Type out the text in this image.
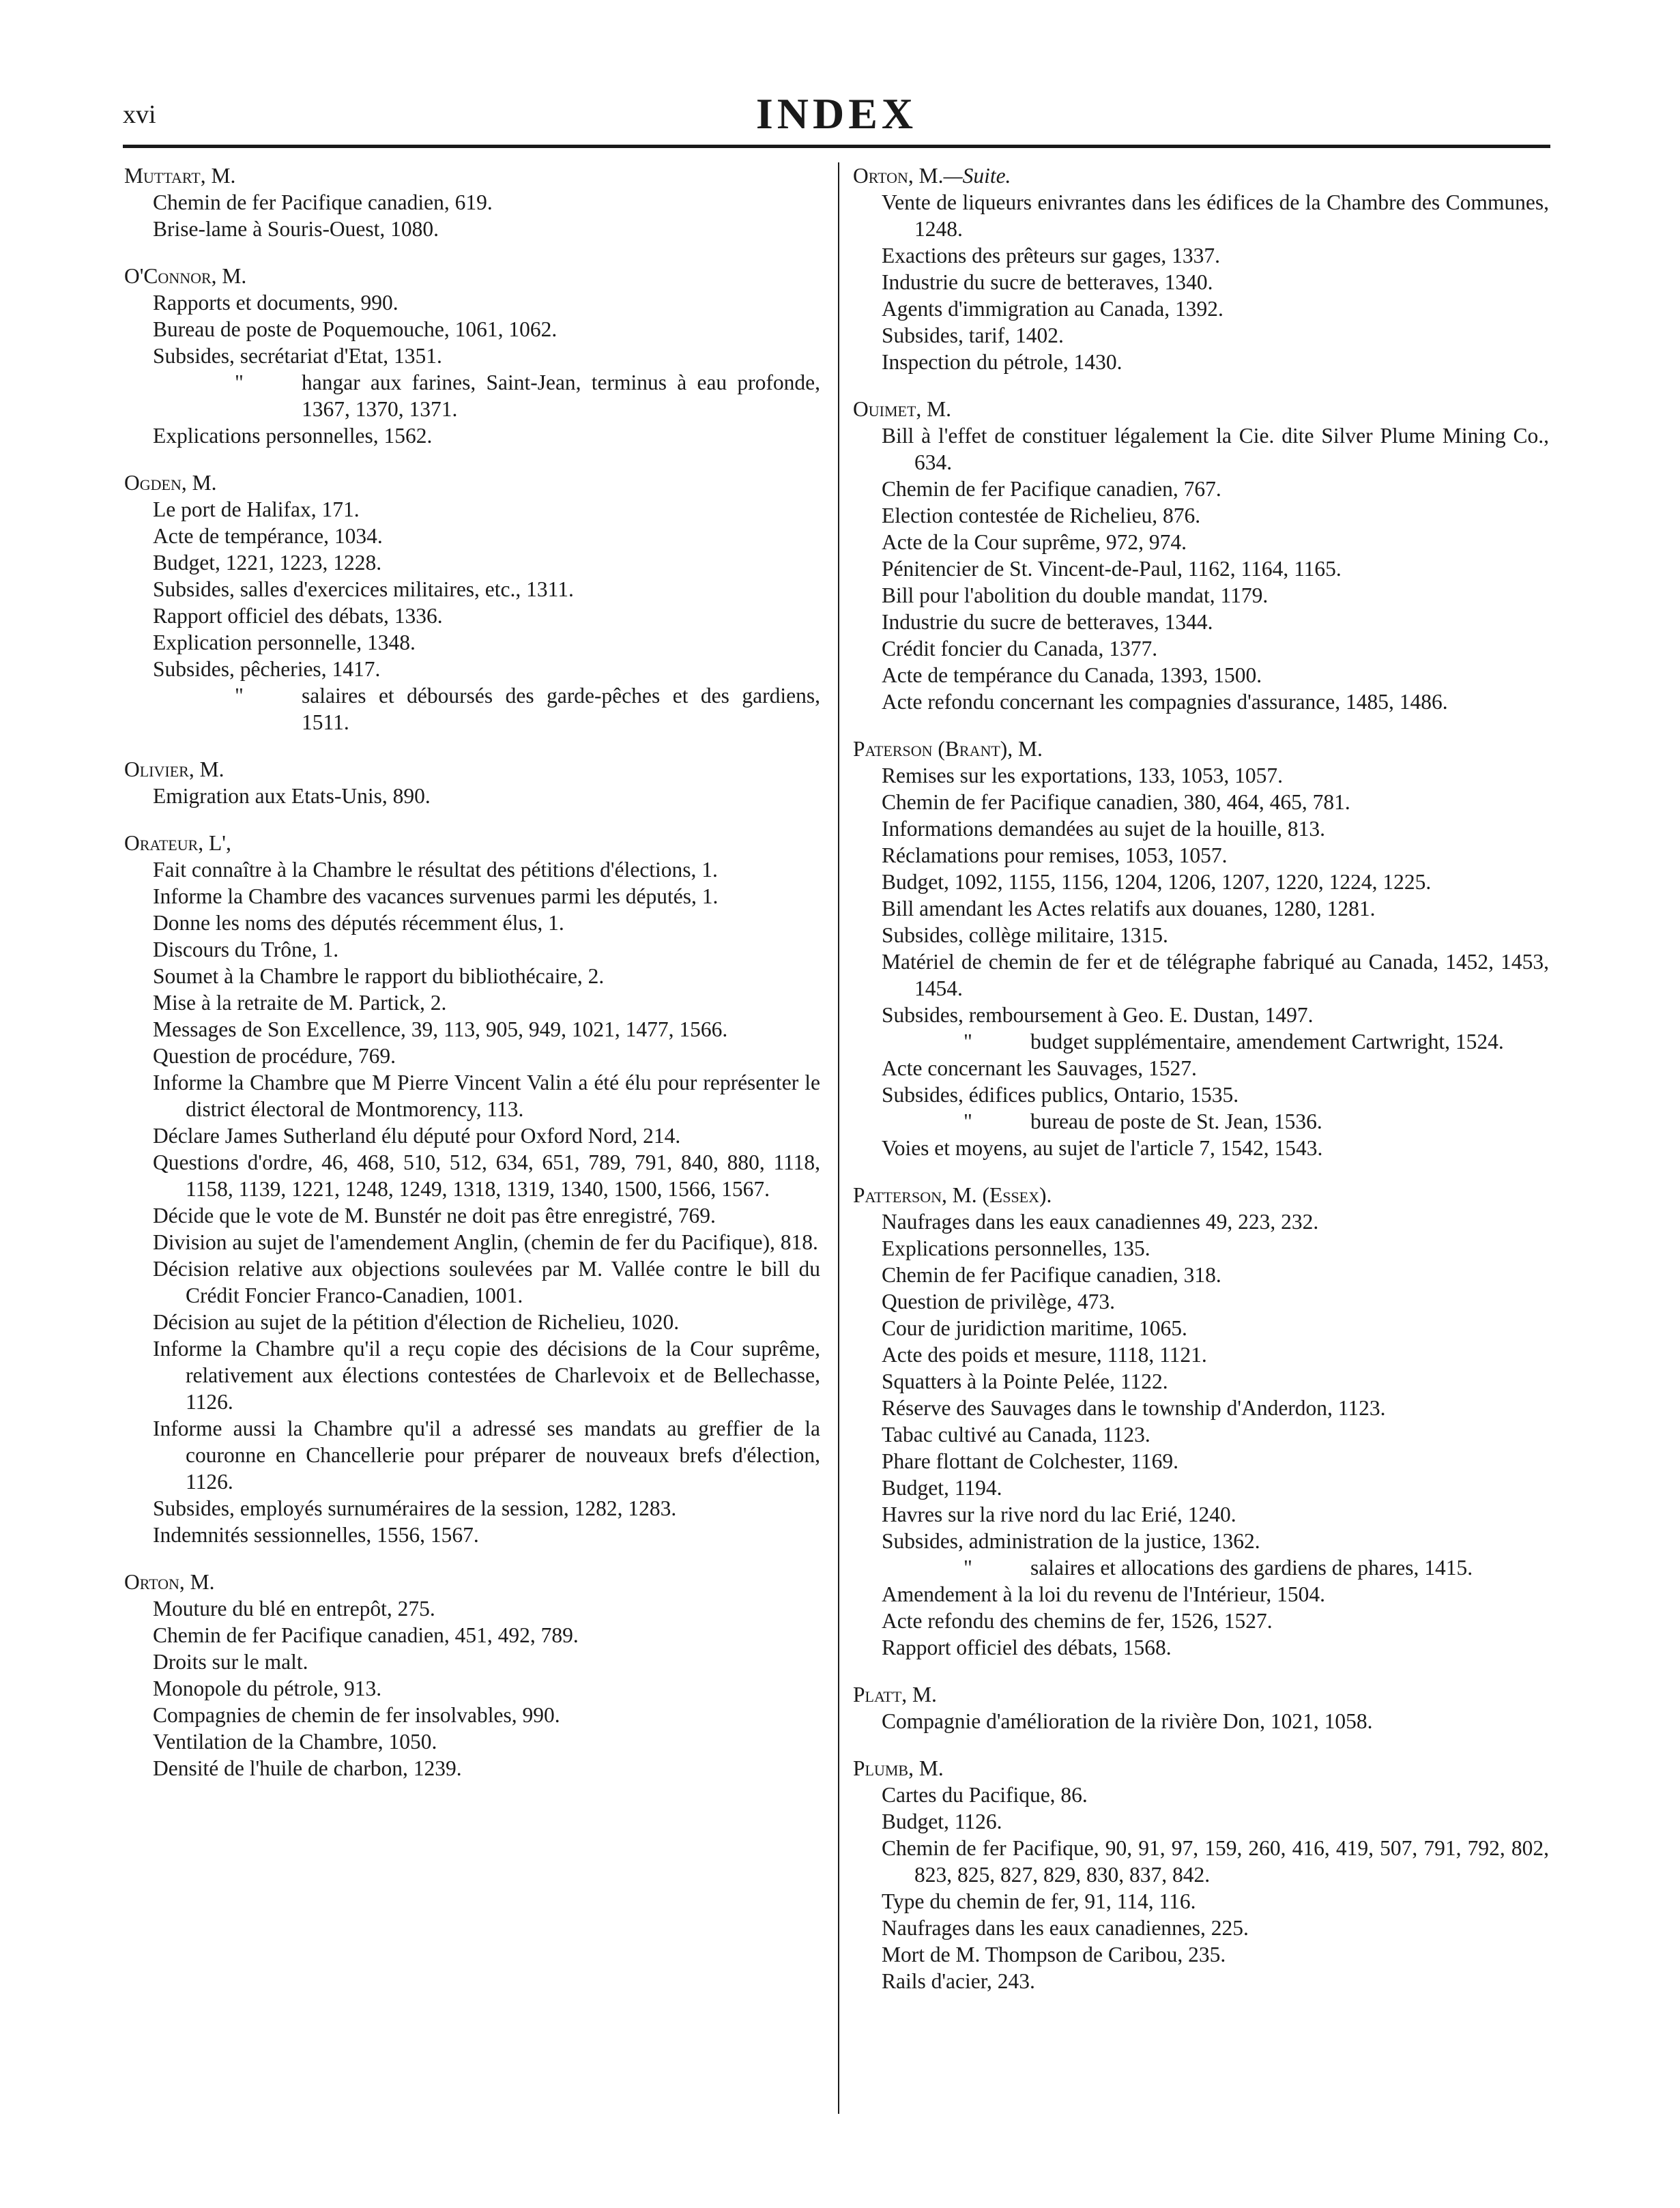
xvi	INDEX
Muttart, M.
Chemin de fer Pacifique canadien, 619.
Brise-lame à Souris-Ouest, 1080.
O'Connor, M.
Rapports et documents, 990.
Bureau de poste de Poquemouche, 1061, 1062.
Subsides, secrétariat d'Etat, 1351.
"	hangar aux farines, Saint-Jean, terminus à eau profonde, 1367, 1370, 1371.
Explications personnelles, 1562.
Ogden, M.
Le port de Halifax, 171.
Acte de tempérance, 1034.
Budget, 1221, 1223, 1228.
Subsides, salles d'exercices militaires, etc., 1311.
Rapport officiel des débats, 1336.
Explication personnelle, 1348.
Subsides, pêcheries, 1417.
"	salaires et déboursés des garde-pêches et des gardiens, 1511.
Olivier, M.
Emigration aux Etats-Unis, 890.
Orateur, L',
Fait connaître à la Chambre le résultat des pétitions d'élections, 1.
Informe la Chambre des vacances survenues parmi les députés, 1.
Donne les noms des députés récemment élus, 1.
Discours du Trône, 1.
Soumet à la Chambre le rapport du bibliothécaire, 2.
Mise à la retraite de M. Partick, 2.
Messages de Son Excellence, 39, 113, 905, 949, 1021, 1477, 1566.
Question de procédure, 769.
Informe la Chambre que M Pierre Vincent Valin a été élu pour représenter le district électoral de Montmorency, 113.
Déclare James Sutherland élu député pour Oxford Nord, 214.
Questions d'ordre, 46, 468, 510, 512, 634, 651, 789, 791, 840, 880, 1118, 1158, 1139, 1221, 1248, 1249, 1318, 1319, 1340, 1500, 1566, 1567.
Décide que le vote de M. Bunstér ne doit pas être enregistré, 769.
Division au sujet de l'amendement Anglin, (chemin de fer du Pacifique), 818.
Décision relative aux objections soulevées par M. Vallée contre le bill du Crédit Foncier Franco-Canadien, 1001.
Décision au sujet de la pétition d'élection de Richelieu, 1020.
Informe la Chambre qu'il a reçu copie des décisions de la Cour suprême, relativement aux élections contestées de Charlevoix et de Bellechasse, 1126.
Informe aussi la Chambre qu'il a adressé ses mandats au greffier de la couronne en Chancellerie pour préparer de nouveaux brefs d'élection, 1126.
Subsides, employés surnuméraires de la session, 1282, 1283.
Indemnités sessionnelles, 1556, 1567.
Orton, M.
Mouture du blé en entrepôt, 275.
Chemin de fer Pacifique canadien, 451, 492, 789.
Droits sur le malt.
Monopole du pétrole, 913.
Compagnies de chemin de fer insolvables, 990.
Ventilation de la Chambre, 1050.
Densité de l'huile de charbon, 1239.
Orton, M.—Suite.
Vente de liqueurs enivrantes dans les édifices de la Chambre des Communes, 1248.
Exactions des prêteurs sur gages, 1337.
Industrie du sucre de betteraves, 1340.
Agents d'immigration au Canada, 1392.
Subsides, tarif, 1402.
Inspection du pétrole, 1430.
Ouimet, M.
Bill à l'effet de constituer légalement la Cie. dite Silver Plume Mining Co., 634.
Chemin de fer Pacifique canadien, 767.
Election contestée de Richelieu, 876.
Acte de la Cour suprême, 972, 974.
Pénitencier de St. Vincent-de-Paul, 1162, 1164, 1165.
Bill pour l'abolition du double mandat, 1179.
Industrie du sucre de betteraves, 1344.
Crédit foncier du Canada, 1377.
Acte de tempérance du Canada, 1393, 1500.
Acte refondu concernant les compagnies d'assurance, 1485, 1486.
Paterson (Brant), M.
Remises sur les exportations, 133, 1053, 1057.
Chemin de fer Pacifique canadien, 380, 464, 465, 781.
Informations demandées au sujet de la houille, 813.
Réclamations pour remises, 1053, 1057.
Budget, 1092, 1155, 1156, 1204, 1206, 1207, 1220, 1224, 1225.
Bill amendant les Actes relatifs aux douanes, 1280, 1281.
Subsides, collège militaire, 1315.
Matériel de chemin de fer et de télégraphe fabriqué au Canada, 1452, 1453, 1454.
Subsides, remboursement à Geo. E. Dustan, 1497.
"	budget supplémentaire, amendement Cartwright, 1524.
Acte concernant les Sauvages, 1527.
Subsides, édifices publics, Ontario, 1535.
"	bureau de poste de St. Jean, 1536.
Voies et moyens, au sujet de l'article 7, 1542, 1543.
Patterson, M. (Essex).
Naufrages dans les eaux canadiennes 49, 223, 232.
Explications personnelles, 135.
Chemin de fer Pacifique canadien, 318.
Question de privilège, 473.
Cour de juridiction maritime, 1065.
Acte des poids et mesure, 1118, 1121.
Squatters à la Pointe Pelée, 1122.
Réserve des Sauvages dans le township d'Anderdon, 1123.
Tabac cultivé au Canada, 1123.
Phare flottant de Colchester, 1169.
Budget, 1194.
Havres sur la rive nord du lac Erié, 1240.
Subsides, administration de la justice, 1362.
"	salaires et allocations des gardiens de phares, 1415.
Amendement à la loi du revenu de l'Intérieur, 1504.
Acte refondu des chemins de fer, 1526, 1527.
Rapport officiel des débats, 1568.
Platt, M.
Compagnie d'amélioration de la rivière Don, 1021, 1058.
Plumb, M.
Cartes du Pacifique, 86.
Budget, 1126.
Chemin de fer Pacifique, 90, 91, 97, 159, 260, 416, 419, 507, 791, 792, 802, 823, 825, 827, 829, 830, 837, 842.
Type du chemin de fer, 91, 114, 116.
Naufrages dans les eaux canadiennes, 225.
Mort de M. Thompson de Caribou, 235.
Rails d'acier, 243.
